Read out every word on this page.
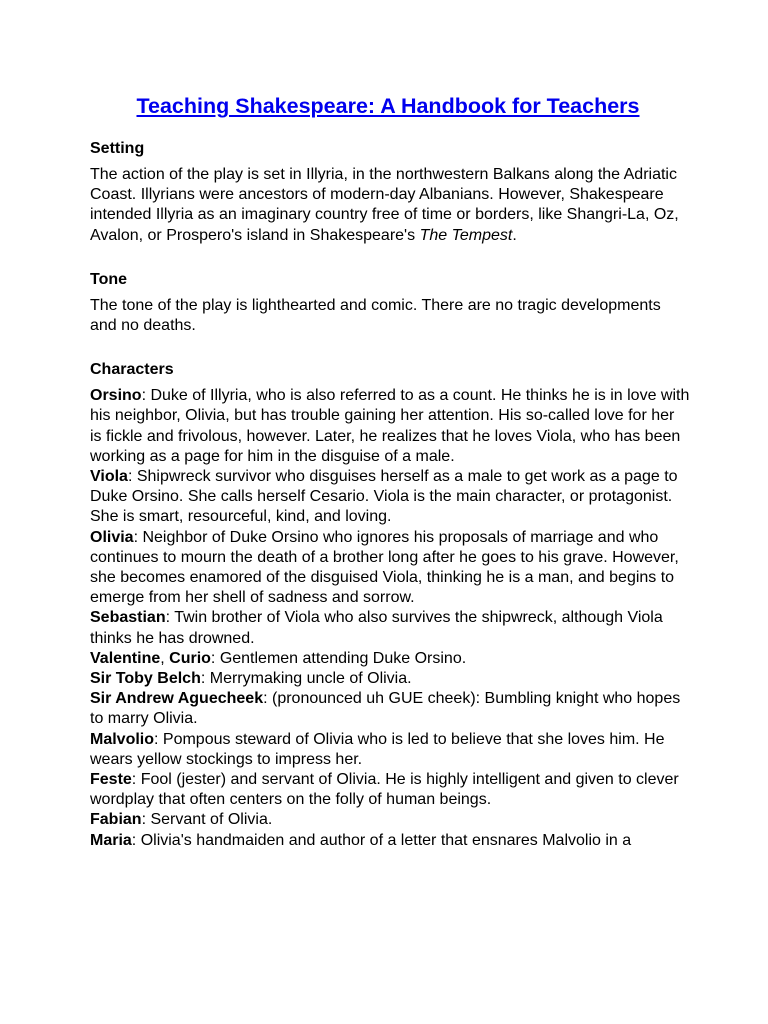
Teaching Shakespeare: A Handbook for Teachers
Setting

The action of the play is set in Illyria, in the northwestern Balkans along the Adriatic Coast. Illyrians were ancestors of modern-day Albanians. However, Shakespeare intended Illyria as an imaginary country free of time or borders, like Shangri-La, Oz, Avalon, or Prospero's island in Shakespeare's The Tempest.

Tone

The tone of the play is lighthearted and comic. There are no tragic developments and no deaths.

Characters

Orsino: Duke of Illyria, who is also referred to as a count. He thinks he is in love with his neighbor, Olivia, but has trouble gaining her attention. His so-called love for her is fickle and frivolous, however. Later, he realizes that he loves Viola, who has been working as a page for him in the disguise of a male.

Viola: Shipwreck survivor who disguises herself as a male to get work as a page to Duke Orsino. She calls herself Cesario. Viola is the main character, or protagonist. She is smart, resourceful, kind, and loving.

Olivia: Neighbor of Duke Orsino who ignores his proposals of marriage and who continues to mourn the death of a brother long after he goes to his grave. However, she becomes enamored of the disguised Viola, thinking he is a man, and begins to emerge from her shell of sadness and sorrow.

Sebastian: Twin brother of Viola who also survives the shipwreck, although Viola thinks he has drowned.

Valentine, Curio: Gentlemen attending Duke Orsino.

Sir Toby Belch: Merrymaking uncle of Olivia.

Sir Andrew Aguecheek: (pronounced uh GUE cheek): Bumbling knight who hopes to marry Olivia.

Malvolio: Pompous steward of Olivia who is led to believe that she loves him. He wears yellow stockings to impress her.

Feste: Fool (jester) and servant of Olivia. He is highly intelligent and given to clever wordplay that often centers on the folly of human beings.

Fabian: Servant of Olivia.

Maria: Olivia's handmaiden and author of a letter that ensnares Malvolio in a
